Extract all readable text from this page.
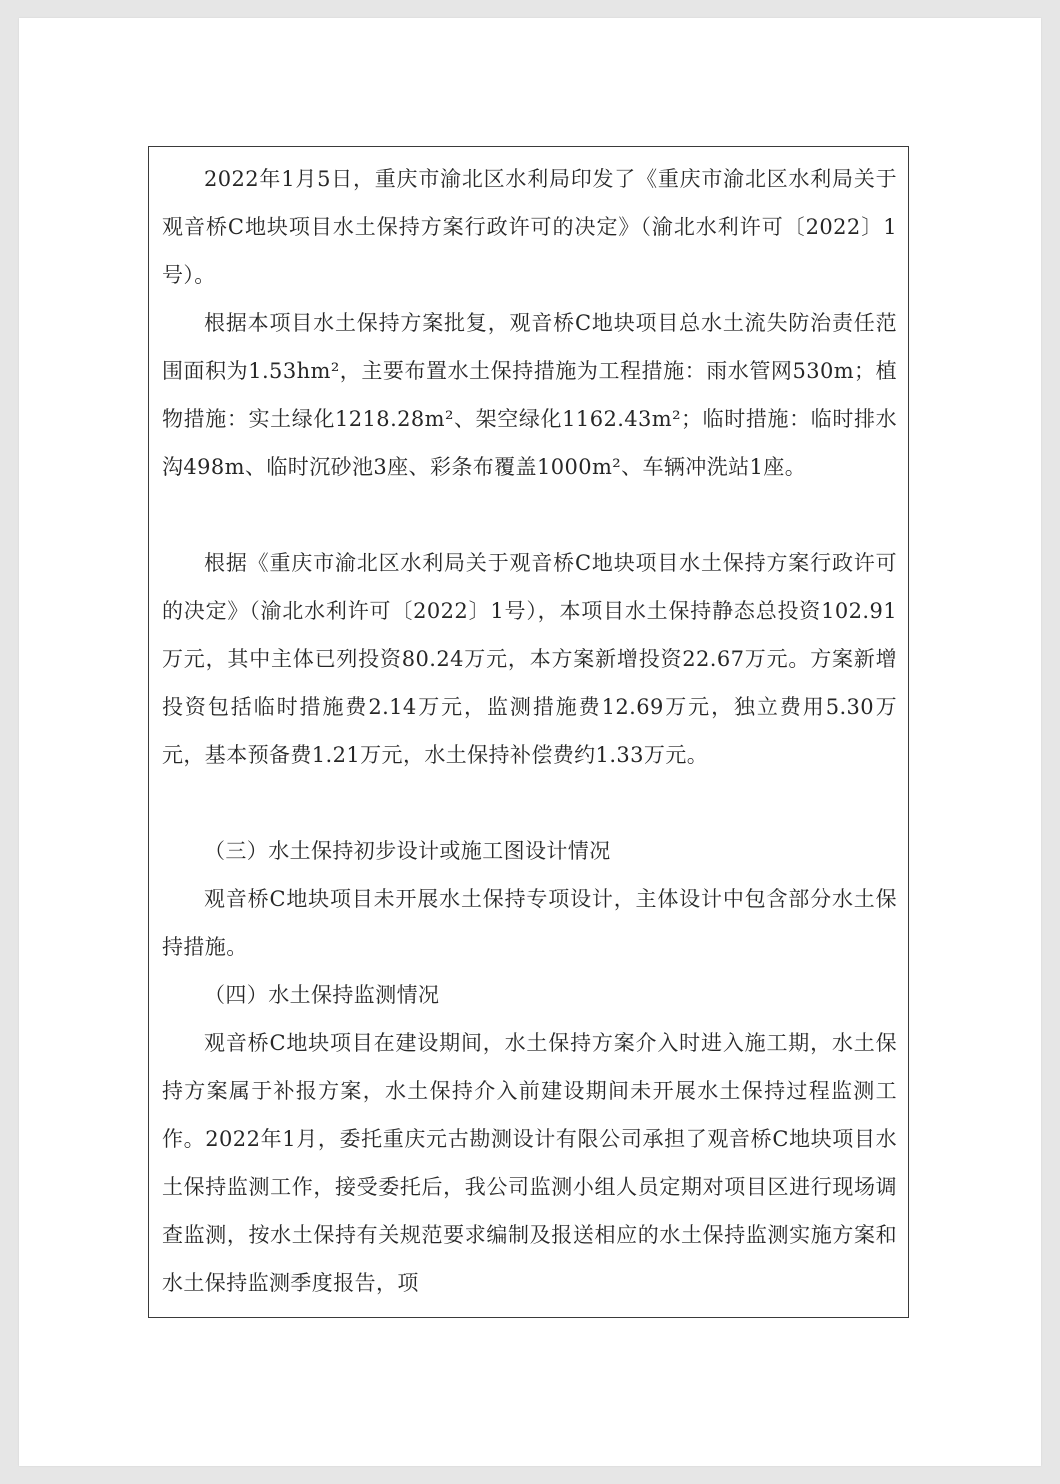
2022年1月5日，重庆市渝北区水利局印发了《重庆市渝北区水利局关于观音桥C地块项目水土保持方案行政许可的决定》（渝北水利许可〔2022〕1号）。

根据本项目水土保持方案批复，观音桥C地块项目总水土流失防治责任范围面积为1.53hm²，主要布置水土保持措施为工程措施：雨水管网530m；植物措施：实土绿化1218.28m²、架空绿化1162.43m²；临时措施：临时排水沟498m、临时沉砂池3座、彩条布覆盖1000m²、车辆冲洗站1座。

根据《重庆市渝北区水利局关于观音桥C地块项目水土保持方案行政许可的决定》（渝北水利许可〔2022〕1号），本项目水土保持静态总投资102.91万元，其中主体已列投资80.24万元，本方案新增投资22.67万元。方案新增投资包括临时措施费2.14万元，监测措施费12.69万元，独立费用5.30万元，基本预备费1.21万元，水土保持补偿费约1.33万元。

（三）水土保持初步设计或施工图设计情况

观音桥C地块项目未开展水土保持专项设计，主体设计中包含部分水土保持措施。

（四）水土保持监测情况

观音桥C地块项目在建设期间，水土保持方案介入时进入施工期，水土保持方案属于补报方案，水土保持介入前建设期间未开展水土保持过程监测工作。2022年1月，委托重庆元古勘测设计有限公司承担了观音桥C地块项目水土保持监测工作，接受委托后，我公司监测小组人员定期对项目区进行现场调查监测，按水土保持有关规范要求编制及报送相应的水土保持监测实施方案和水土保持监测季度报告，项
